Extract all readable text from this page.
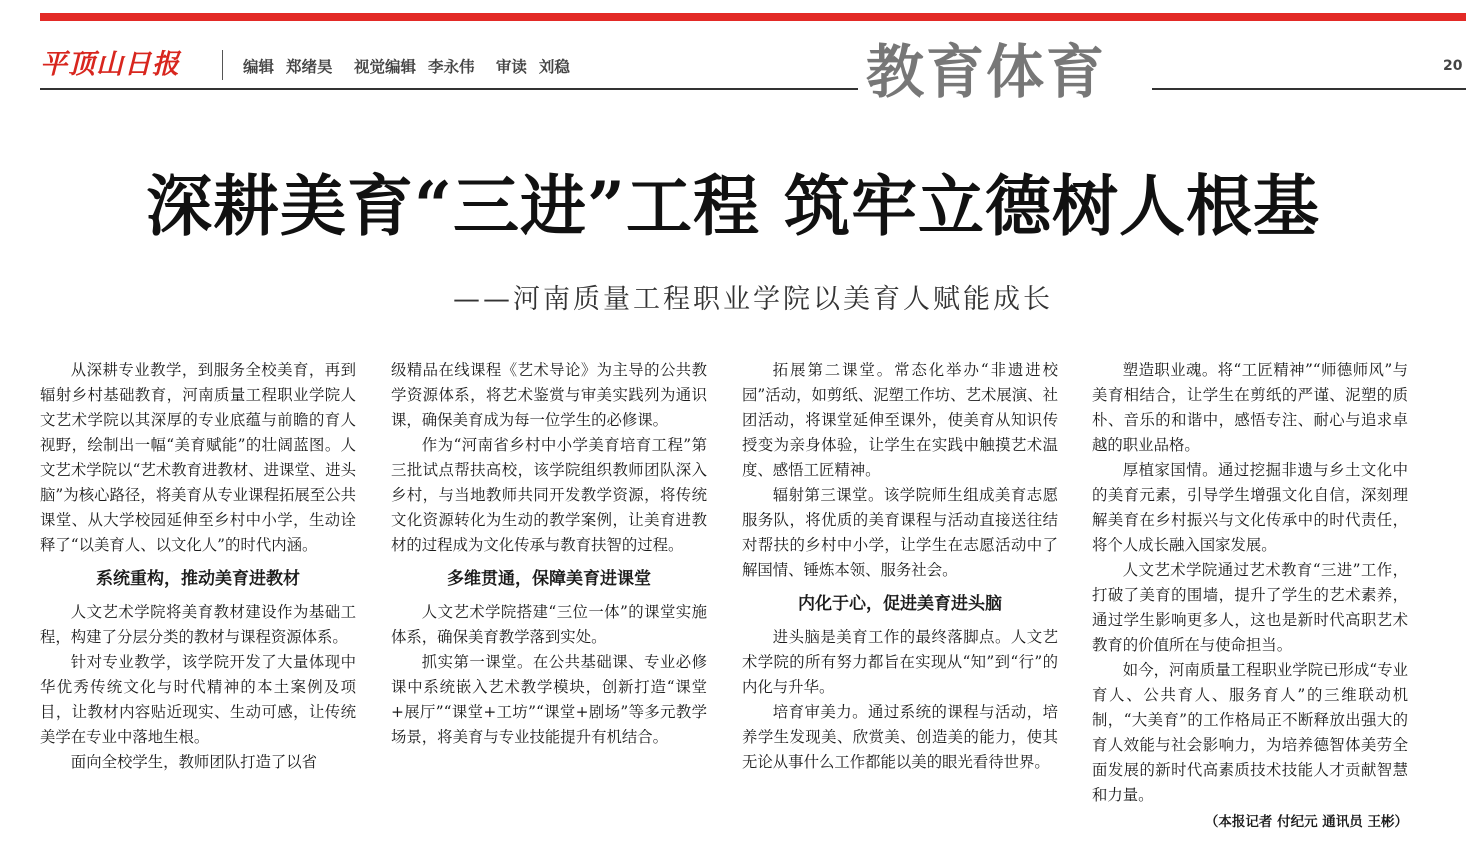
平顶山日报	编辑 郑绪昊 视觉编辑 李永伟 审读 刘稳	教育体育	20
深耕美育“三进”工程 筑牢立德树人根基
——河南质量工程职业学院以美育人赋能成长

从深耕专业教学，到服务全校美育，再到辐射乡村基础教育，河南质量工程职业学院人文艺术学院以其深厚的专业底蕴与前瞻的育人视野，绘制出一幅“美育赋能”的壮阔蓝图。人文艺术学院以“艺术教育进教材、进课堂、进头脑”为核心路径，将美育从专业课程拓展至公共课堂、从大学校园延伸至乡村中小学，生动诠释了“以美育人、以文化人”的时代内涵。

系统重构，推动美育进教材

人文艺术学院将美育教材建设作为基础工程，构建了分层分类的教材与课程资源体系。

针对专业教学，该学院开发了大量体现中华优秀传统文化与时代精神的本土案例及项目，让教材内容贴近现实、生动可感，让传统美学在专业中落地生根。

面向全校学生，教师团队打造了以省

级精品在线课程《艺术导论》为主导的公共教学资源体系，将艺术鉴赏与审美实践列为通识课，确保美育成为每一位学生的必修课。

作为“河南省乡村中小学美育培育工程”第三批试点帮扶高校，该学院组织教师团队深入乡村，与当地教师共同开发教学资源，将传统文化资源转化为生动的教学案例，让美育进教材的过程成为文化传承与教育扶智的过程。

多维贯通，保障美育进课堂

人文艺术学院搭建“三位一体”的课堂实施体系，确保美育教学落到实处。

抓实第一课堂。在公共基础课、专业必修课中系统嵌入艺术教学模块，创新打造“课堂+展厅”“课堂+工坊”“课堂+剧场”等多元教学场景，将美育与专业技能提升有机结合。

拓展第二课堂。常态化举办“非遗进校园”活动，如剪纸、泥塑工作坊、艺术展演、社团活动，将课堂延伸至课外，使美育从知识传授变为亲身体验，让学生在实践中触摸艺术温度、感悟工匠精神。

辐射第三课堂。该学院师生组成美育志愿服务队，将优质的美育课程与活动直接送往结对帮扶的乡村中小学，让学生在志愿活动中了解国情、锤炼本领、服务社会。

内化于心，促进美育进头脑

进头脑是美育工作的最终落脚点。人文艺术学院的所有努力都旨在实现从“知”到“行”的内化与升华。

培育审美力。通过系统的课程与活动，培养学生发现美、欣赏美、创造美的能力，使其无论从事什么工作都能以美的眼光看待世界。

塑造职业魂。将“工匠精神”“师德师风”与美育相结合，让学生在剪纸的严谨、泥塑的质朴、音乐的和谐中，感悟专注、耐心与追求卓越的职业品格。

厚植家国情。通过挖掘非遗与乡土文化中的美育元素，引导学生增强文化自信，深刻理解美育在乡村振兴与文化传承中的时代责任，将个人成长融入国家发展。

人文艺术学院通过艺术教育“三进”工作，打破了美育的围墙，提升了学生的艺术素养，通过学生影响更多人，这也是新时代高职艺术教育的价值所在与使命担当。

如今，河南质量工程职业学院已形成“专业育人、公共育人、服务育人”的三维联动机制，“大美育”的工作格局正不断释放出强大的育人效能与社会影响力，为培养德智体美劳全面发展的新时代高素质技术技能人才贡献智慧和力量。

（本报记者 付纪元 通讯员 王彬）
